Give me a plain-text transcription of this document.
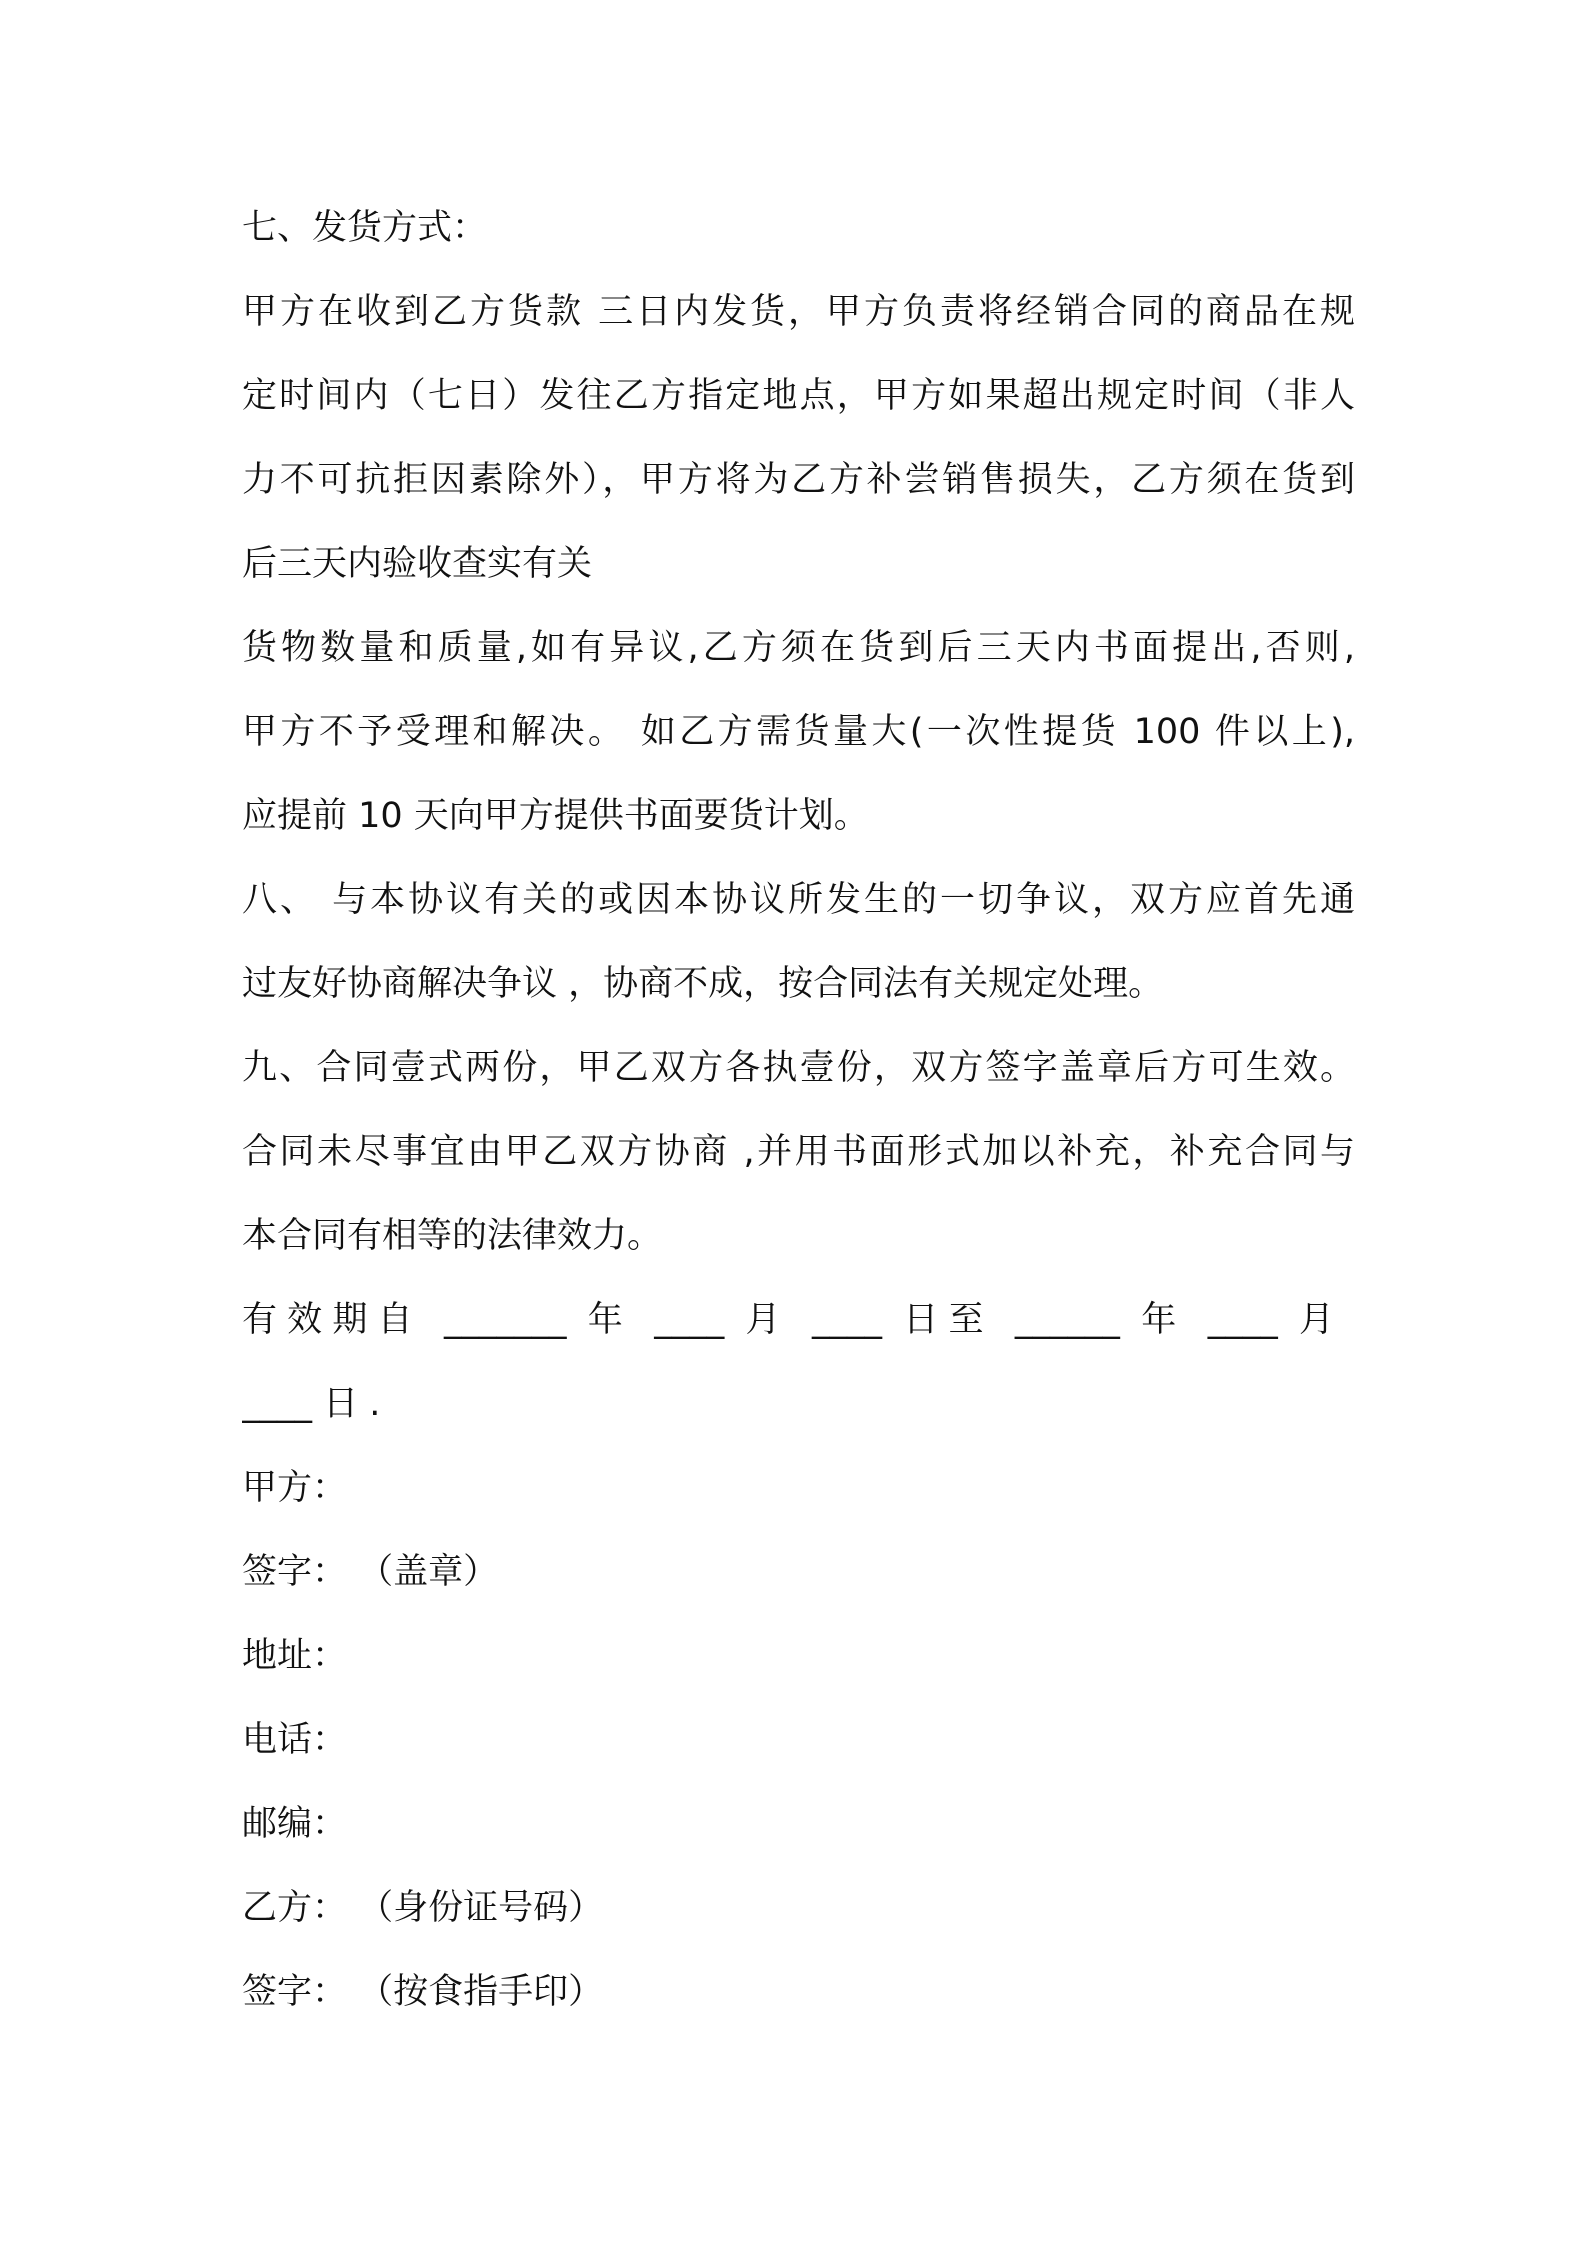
七、发货方式：
甲方在收到乙方货款 三日内发货，甲方负责将经销合同的商品在规
定时间内（七日）发往乙方指定地点，甲方如果超出规定时间（非人
力不可抗拒因素除外），甲方将为乙方补尝销售损失，乙方须在货到
后三天内验收查实有关
货物数量和质量,如有异议,乙方须在货到后三天内书面提出,否则,
甲方不予受理和解决。 如乙方需货量大(一次性提货 100 件以上),
应提前 10 天向甲方提供书面要货计划。
八、 与本协议有关的或因本协议所发生的一切争议，双方应首先通
过友好协商解决争议 ，协商不成，按合同法有关规定处理。
九、合同壹式两份，甲乙双方各执壹份，双方签字盖章后方可生效。
合同未尽事宜由甲乙双方协商 ,并用书面形式加以补充，补充合同与
本合同有相等的法律效力。
有效期自 _______ 年 ____ 月 ____ 日至 ______ 年 ____ 月
____ 日 .
甲方：
签字： （盖章）
地址：
电话：
邮编：
乙方： （身份证号码）
签字： （按食指手印）
